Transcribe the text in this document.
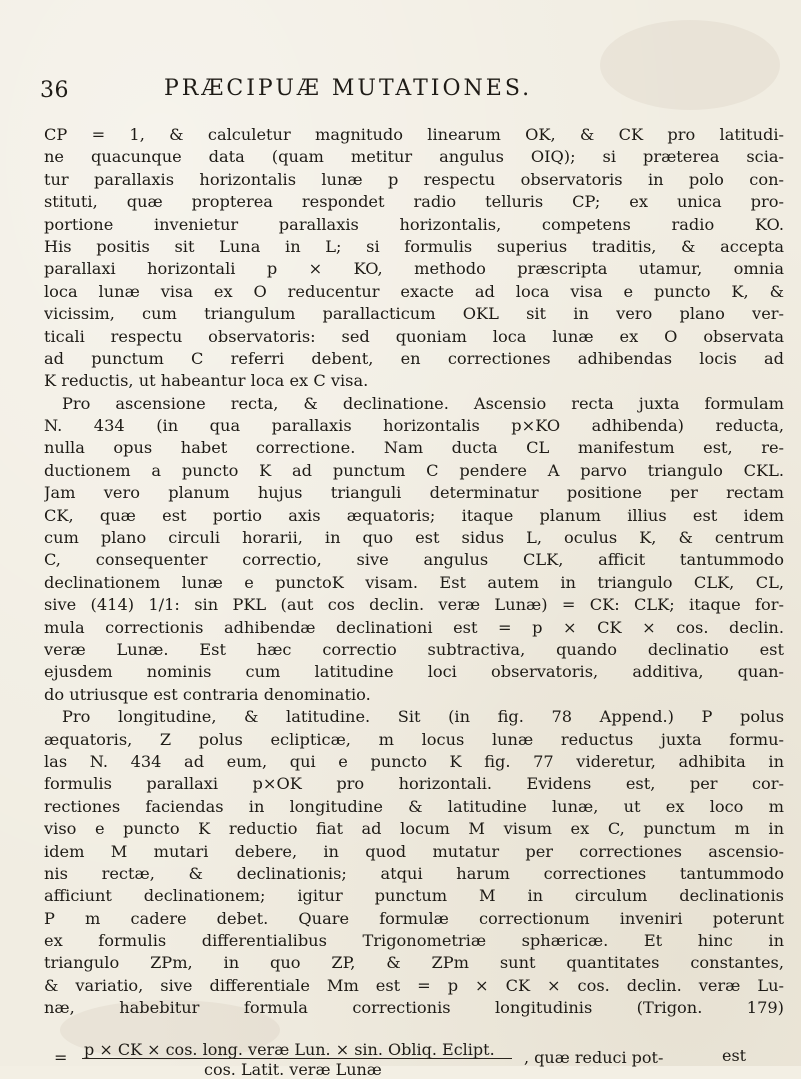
36	PRÆCIPUÆ MUTATIONES.
CP = 1, & calculetur magnitudo linearum OK, & CK pro latitudi-
ne quacunque data (quam metitur angulus OIQ); si præterea scia-
tur parallaxis horizontalis lunæ p respectu observatoris in polo con-
stituti, quæ propterea respondet radio telluris CP; ex unica pro-
portione invenietur parallaxis horizontalis, competens radio KO.
His positis sit Luna in L; si formulis superius traditis, & accepta
parallaxi horizontali p × KO, methodo præscripta utamur, omnia
loca lunæ visa ex O reducentur exacte ad loca visa e puncto K, &
vicissim, cum triangulum parallacticum OKL sit in vero plano ver-
ticali respectu observatoris: sed quoniam loca lunæ ex O observata
ad punctum C referri debent, en correctiones adhibendas locis ad
K reductis, ut habeantur loca ex C visa.
Pro ascensione recta, & declinatione. Ascensio recta juxta formulam
N. 434 (in qua parallaxis horizontalis p×KO adhibenda) reducta,
nulla opus habet correctione. Nam ducta CL manifestum est, re-
ductionem a puncto K ad punctum C pendere A parvo triangulo CKL.
Jam vero planum hujus trianguli determinatur positione per rectam
CK, quæ est portio axis æquatoris; itaque planum illius est idem
cum plano circuli horarii, in quo est sidus L, oculus K, & centrum
C, consequenter correctio, sive angulus CLK, afficit tantummodo
declinationem lunæ e punctoK visam. Est autem in triangulo CLK, CL,
sive (414) 1/1: sin PKL (aut cos declin. veræ Lunæ) = CK: CLK; itaque for-
mula correctionis adhibendæ declinationi est = p × CK × cos. declin.
veræ Lunæ. Est hæc correctio subtractiva, quando declinatio est
ejusdem nominis cum latitudine loci observatoris, additiva, quan-
do utriusque est contraria denominatio.
Pro longitudine, & latitudine. Sit (in fig. 78 Append.) P polus
æquatoris, Z polus eclipticæ, m locus lunæ reductus juxta formu-
las N. 434 ad eum, qui e puncto K fig. 77 videretur, adhibita in
formulis parallaxi p×OK pro horizontali. Evidens est, per cor-
rectiones faciendas in longitudine & latitudine lunæ, ut ex loco m
viso e puncto K reductio fiat ad locum M visum ex C, punctum m in
idem M mutari debere, in quod mutatur per correctiones ascensio-
nis rectæ, & declinationis; atqui harum correctiones tantummodo
afficiunt declinationem; igitur punctum M in circulum declinationis
P m cadere debet. Quare formulæ correctionum inveniri poterunt
ex formulis differentialibus Trigonometriæ sphæricæ. Et hinc in
triangulo ZPm, in quo ZP, & ZPm sunt quantitates constantes,
& variatio, sive differentiale Mm est = p × CK × cos. declin. veræ Lu-
næ, habebitur formula correctionis longitudinis (Trigon. 179)
= p × CK × cos. long. veræ Lun. × sin. Obliq. Eclipt.
cos. Latit. veræ Lunæ
, quæ reduci pot-	est
